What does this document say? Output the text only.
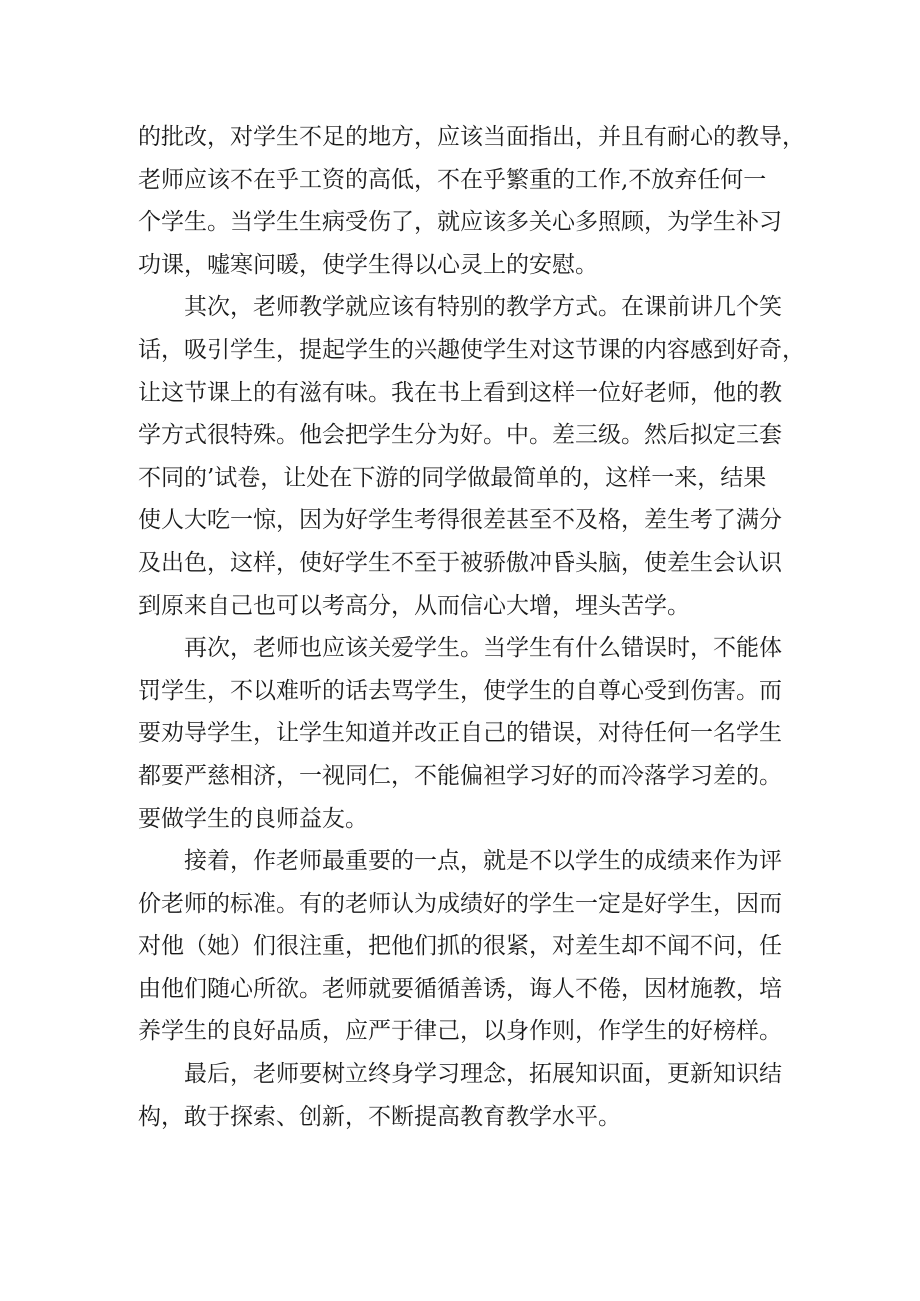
的批改，对学生不足的地方，应该当面指出，并且有耐心的教导，
老师应该不在乎工资的高低，不在乎繁重的工作,不放弃任何一
个学生。当学生生病受伤了，就应该多关心多照顾，为学生补习
功课，嘘寒问暖，使学生得以心灵上的安慰。
其次，老师教学就应该有特别的教学方式。在课前讲几个笑
话，吸引学生，提起学生的兴趣使学生对这节课的内容感到好奇，
让这节课上的有滋有味。我在书上看到这样一位好老师，他的教
学方式很特殊。他会把学生分为好。中。差三级。然后拟定三套
不同的’试卷，让处在下游的同学做最简单的，这样一来，结果
使人大吃一惊，因为好学生考得很差甚至不及格，差生考了满分
及出色，这样，使好学生不至于被骄傲冲昏头脑，使差生会认识
到原来自己也可以考高分，从而信心大增，埋头苦学。
再次，老师也应该关爱学生。当学生有什么错误时，不能体
罚学生，不以难听的话去骂学生，使学生的自尊心受到伤害。而
要劝导学生，让学生知道并改正自己的错误，对待任何一名学生
都要严慈相济，一视同仁，不能偏袒学习好的而冷落学习差的。
要做学生的良师益友。
接着，作老师最重要的一点，就是不以学生的成绩来作为评
价老师的标准。有的老师认为成绩好的学生一定是好学生，因而
对他（她）们很注重，把他们抓的很紧，对差生却不闻不问，任
由他们随心所欲。老师就要循循善诱，诲人不倦，因材施教，培
养学生的良好品质，应严于律己，以身作则，作学生的好榜样。
最后，老师要树立终身学习理念，拓展知识面，更新知识结
构，敢于探索、创新，不断提高教育教学水平。
